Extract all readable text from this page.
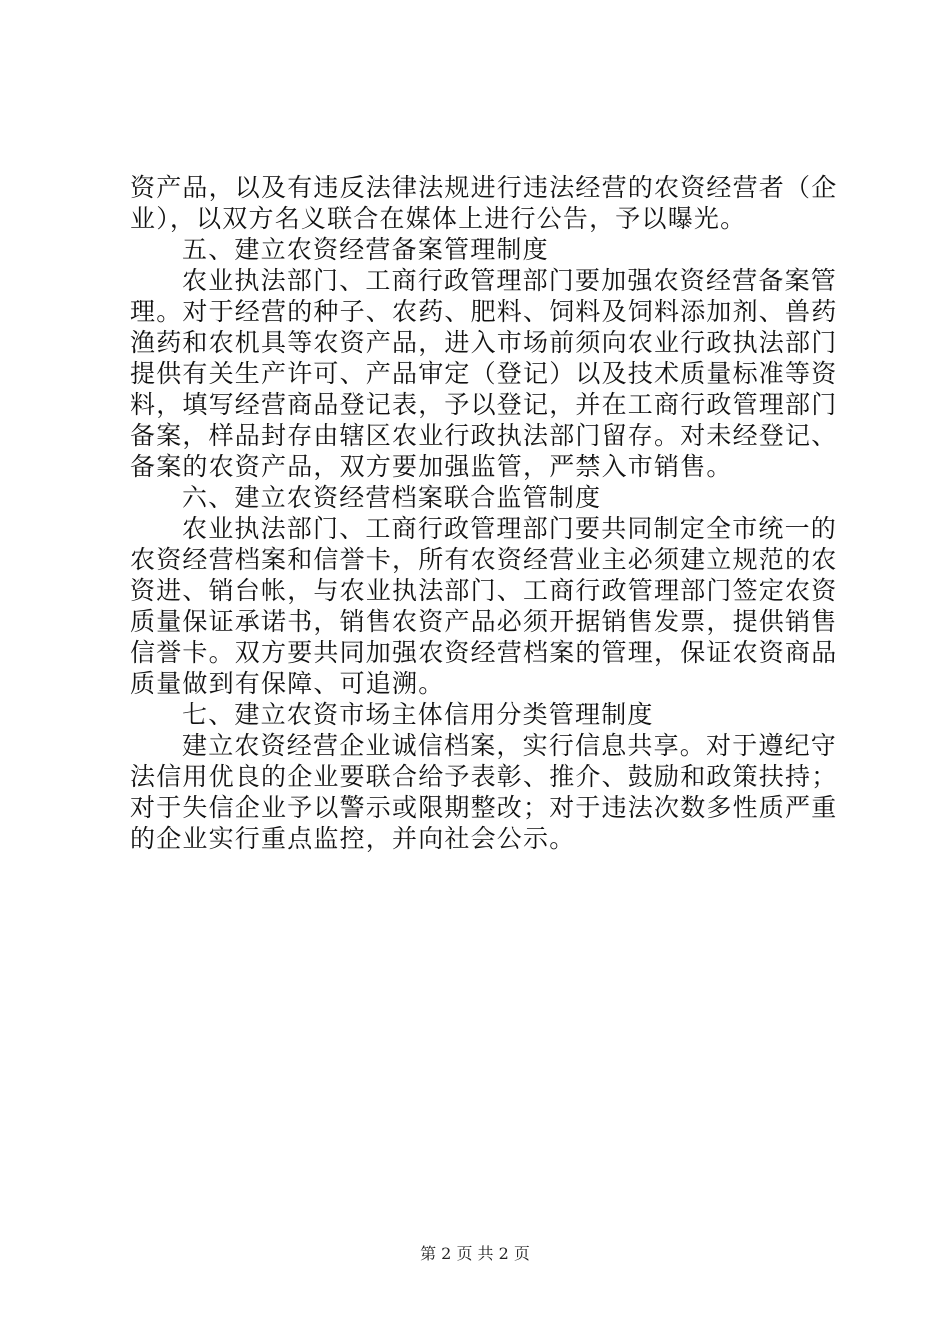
资产品，以及有违反法律法规进行违法经营的农资经营者（企
业），以双方名义联合在媒体上进行公告，予以曝光。
五、建立农资经营备案管理制度
农业执法部门、工商行政管理部门要加强农资经营备案管
理。对于经营的种子、农药、肥料、饲料及饲料添加剂、兽药
渔药和农机具等农资产品，进入市场前须向农业行政执法部门
提供有关生产许可、产品审定（登记）以及技术质量标准等资
料，填写经营商品登记表，予以登记，并在工商行政管理部门
备案，样品封存由辖区农业行政执法部门留存。对未经登记、
备案的农资产品，双方要加强监管，严禁入市销售。
六、建立农资经营档案联合监管制度
农业执法部门、工商行政管理部门要共同制定全市统一的
农资经营档案和信誉卡，所有农资经营业主必须建立规范的农
资进、销台帐，与农业执法部门、工商行政管理部门签定农资
质量保证承诺书，销售农资产品必须开据销售发票，提供销售
信誉卡。双方要共同加强农资经营档案的管理，保证农资商品
质量做到有保障、可追溯。
七、建立农资市场主体信用分类管理制度
建立农资经营企业诚信档案，实行信息共享。对于遵纪守
法信用优良的企业要联合给予表彰、推介、鼓励和政策扶持；
对于失信企业予以警示或限期整改；对于违法次数多性质严重
的企业实行重点监控，并向社会公示。
第 2 页 共 2 页
